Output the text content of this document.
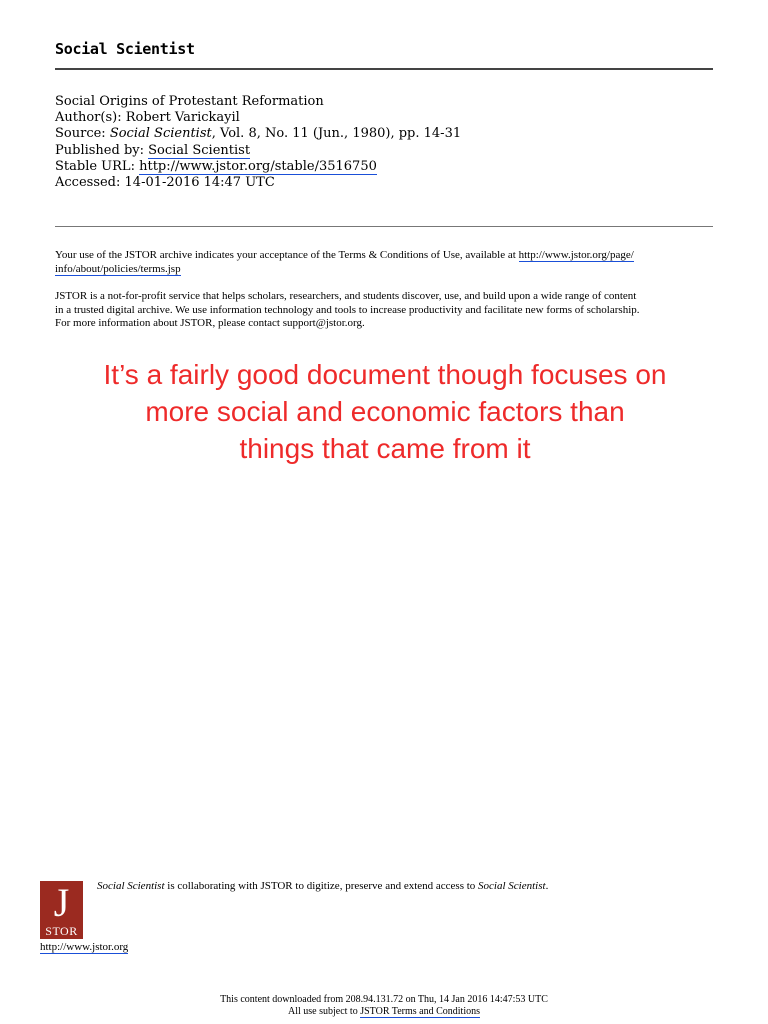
Social Scientist
Social Origins of Protestant Reformation
Author(s): Robert Varickayil
Source: Social Scientist, Vol. 8, No. 11 (Jun., 1980), pp. 14-31
Published by: Social Scientist
Stable URL: http://www.jstor.org/stable/3516750
Accessed: 14-01-2016 14:47 UTC
Your use of the JSTOR archive indicates your acceptance of the Terms & Conditions of Use, available at http://www.jstor.org/page/
info/about/policies/terms.jsp
JSTOR is a not-for-profit service that helps scholars, researchers, and students discover, use, and build upon a wide range of content
in a trusted digital archive. We use information technology and tools to increase productivity and facilitate new forms of scholarship.
For more information about JSTOR, please contact support@jstor.org.
It’s a fairly good document though focuses on
more social and economic factors than
things that came from it
J
STOR
http://www.jstor.org
Social Scientist is collaborating with JSTOR to digitize, preserve and extend access to Social Scientist.
This content downloaded from 208.94.131.72 on Thu, 14 Jan 2016 14:47:53 UTC
All use subject to JSTOR Terms and Conditions
